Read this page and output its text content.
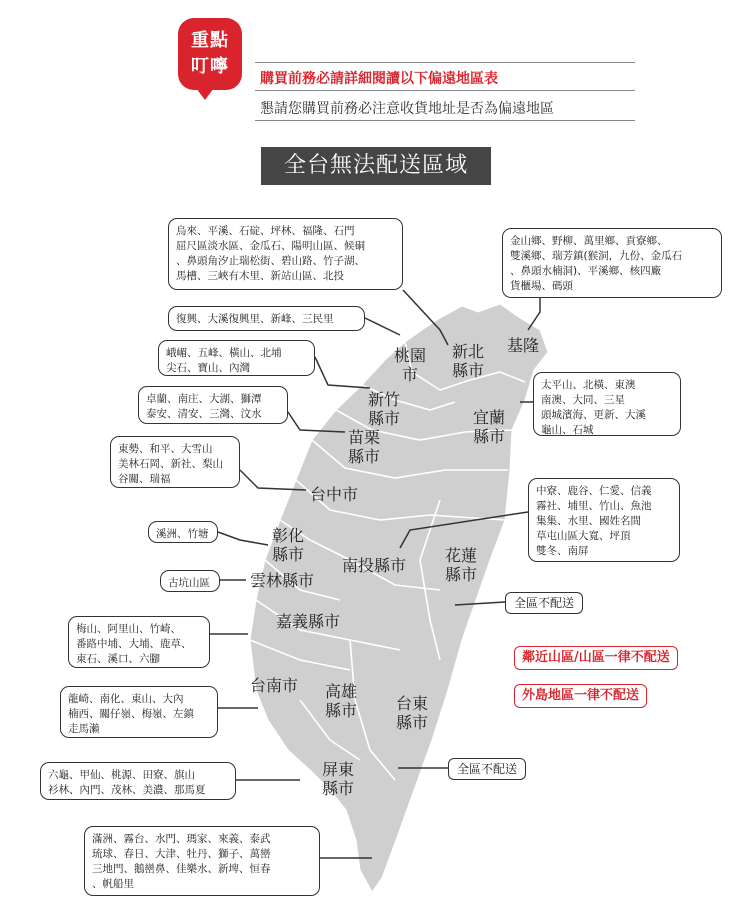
重點
叮嚀
購買前務必請詳細閱讀以下偏遠地區表
懇請您購買前務必注意收貨地址是否為偏遠地區
全台無法配送區域
烏來、平溪、石碇、坪林、福隆、石門
屈尺區淡水區、金瓜石、陽明山區、候硐
、鼻頭角汐止瑞松街、碧山路、竹子湖、
馬槽、三峽有木里、新站山區、北投
金山鄉、野柳、萬里鄉、貢寮鄉、
雙溪鄉、瑞芳鎮(猴洞，九份、金瓜石
、鼻頭水楠洞)、平溪鄉、核四廠
貨櫃場、碼頭
復興、大溪復興里、新峰、三民里
峨嵋、五峰、橫山、北埔
尖石、寶山、內灣
太平山、北橫、東澳
南澳、大同、三星
頭城濱海、更新、大溪
龜山、石城
卓蘭、南庄、大湖、獅潭
泰安、清安、三灣、汶水
東勢、和平、大雪山
美林石岡、新社、梨山
谷關、瑞福
中寮、鹿谷、仁愛、信義
霧社、埔里、竹山、魚池
集集、水里、國姓名間
草屯山區大寬、坪頂
雙冬、南屏
溪洲、竹塘
古坑山區
梅山、阿里山、竹崎、
番路中埔、大埔、鹿草、
東石、溪口、六腳
龍崎、南化、東山、大內
楠西、關仔嶺、梅嶺、左鎮
走馬瀨
六龜、甲仙、桃源、田寮、旗山
衫林、內門、茂林、美濃、那馬夏
滿洲、霧台、水門、瑪家、來義、泰武
琉球、春日、大津、牡丹、獅子、萬巒
三地門、鵝巒鼻、佳樂水、新埤、恒春
、帆船里
全區不配送
全區不配送
鄰近山區/山區一律不配送
外島地區一律不配送
新北
縣市
基隆
桃園
市
新竹
縣市	宜蘭
縣市
苗栗
縣市
台中市
彰化
縣市
南投縣市
花蓮
縣市
雲林縣市
嘉義縣市
台南市 高雄
縣市 台東
縣市
屏東
縣市
